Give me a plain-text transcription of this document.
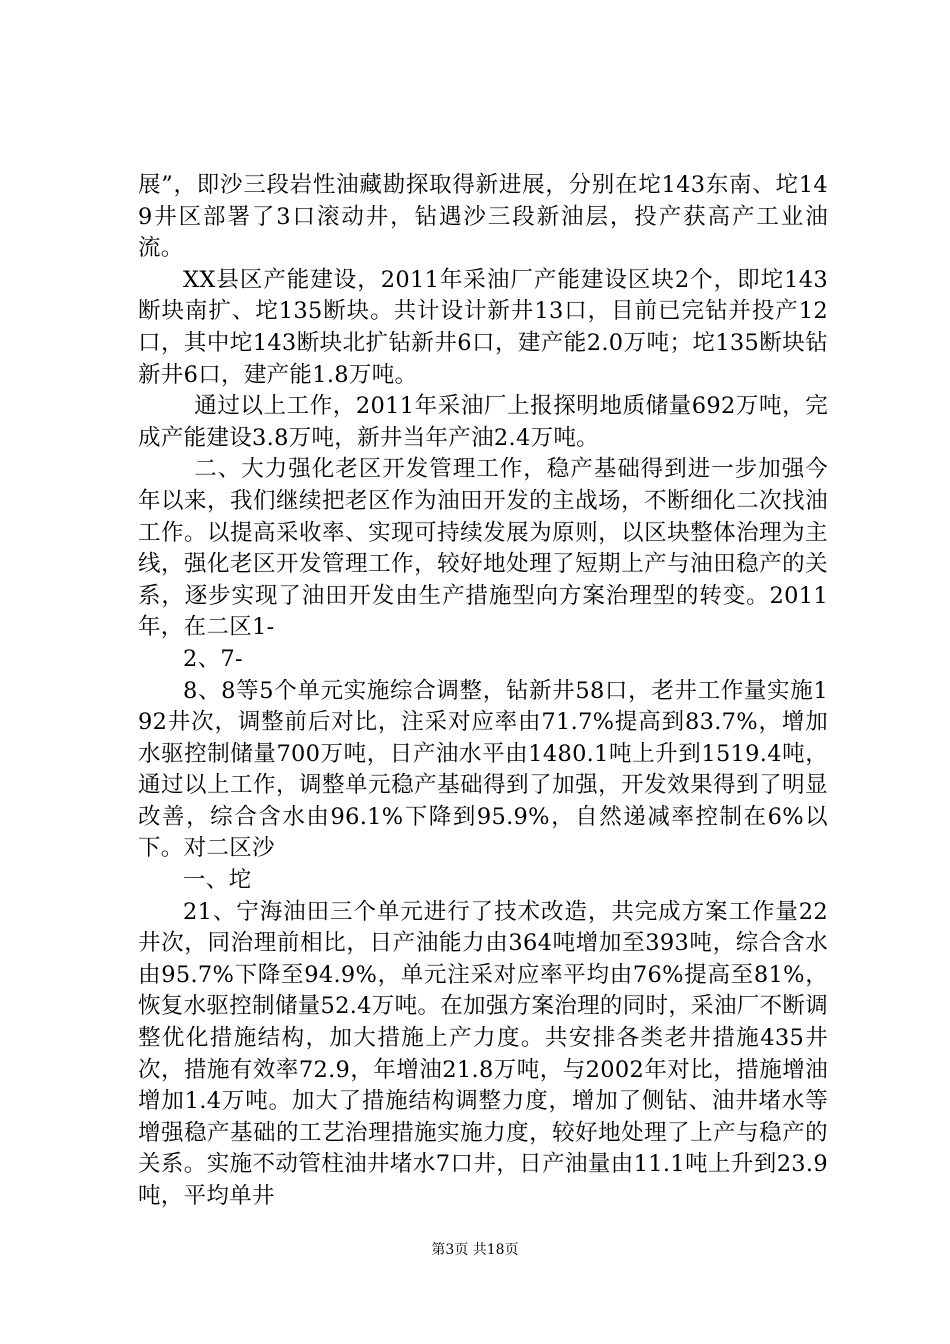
展”，即沙三段岩性油藏勘探取得新进展，分别在坨143东南、坨149井区部署了3口滚动井，钻遇沙三段新油层，投产获高产工业油流。

XX县区产能建设，2011年采油厂产能建设区块2个，即坨143断块南扩、坨135断块。共计设计新井13口，目前已完钻并投产12口，其中坨143断块北扩钻新井6口，建产能2.0万吨；坨135断块钻新井6口，建产能1.8万吨。

通过以上工作，2011年采油厂上报探明地质储量692万吨，完成产能建设3.8万吨，新井当年产油2.4万吨。

二、大力强化老区开发管理工作，稳产基础得到进一步加强今年以来，我们继续把老区作为油田开发的主战场，不断细化二次找油工作。以提高采收率、实现可持续发展为原则，以区块整体治理为主线，强化老区开发管理工作，较好地处理了短期上产与油田稳产的关系，逐步实现了油田开发由生产措施型向方案治理型的转变。2011年，在二区1-

2、7-

8、8等5个单元实施综合调整，钻新井58口，老井工作量实施192井次，调整前后对比，注采对应率由71.7%提高到83.7%，增加水驱控制储量700万吨，日产油水平由1480.1吨上升到1519.4吨，通过以上工作，调整单元稳产基础得到了加强，开发效果得到了明显改善，综合含水由96.1%下降到95.9%，自然递减率控制在6%以下。对二区沙

一、坨

21、宁海油田三个单元进行了技术改造，共完成方案工作量22井次，同治理前相比，日产油能力由364吨增加至393吨，综合含水由95.7%下降至94.9%，单元注采对应率平均由76%提高至81%，恢复水驱控制储量52.4万吨。在加强方案治理的同时，采油厂不断调整优化措施结构，加大措施上产力度。共安排各类老井措施435井次，措施有效率72.9，年增油21.8万吨，与2002年对比，措施增油增加1.4万吨。加大了措施结构调整力度，增加了侧钻、油井堵水等增强稳产基础的工艺治理措施实施力度，较好地处理了上产与稳产的关系。实施不动管柱油井堵水7口井，日产油量由11.1吨上升到23.9吨，平均单井

第3页 共18页
